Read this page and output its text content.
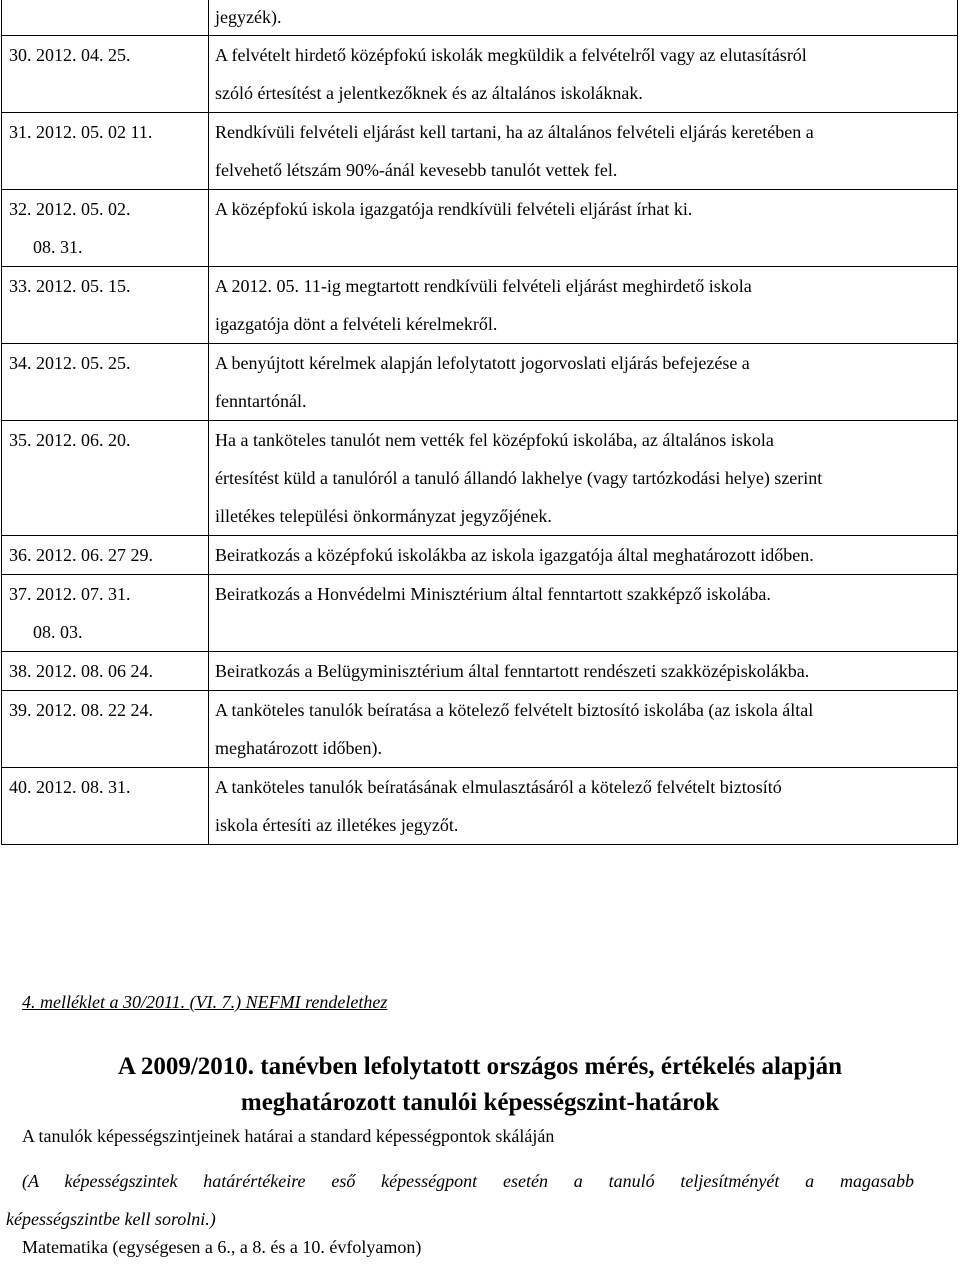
	jegyzék).

30. 2012. 04. 25.	A felvételt hirdető középfokú iskolák megküldik a felvételről vagy az elutasításról
szóló értesítést a jelentkezőknek és az általános iskoláknak.

31. 2012. 05. 02 11.	Rendkívüli felvételi eljárást kell tartani, ha az általános felvételi eljárás keretében a
felvehető létszám 90%-ánál kevesebb tanulót vettek fel.

32. 2012. 05. 02.
08. 31.	A középfokú iskola igazgatója rendkívüli felvételi eljárást írhat ki.

33. 2012. 05. 15.	A 2012. 05. 11-ig megtartott rendkívüli felvételi eljárást meghirdető iskola
igazgatója dönt a felvételi kérelmekről.

34. 2012. 05. 25.	A benyújtott kérelmek alapján lefolytatott jogorvoslati eljárás befejezése a
fenntartónál.

35. 2012. 06. 20.	Ha a tanköteles tanulót nem vették fel középfokú iskolába, az általános iskola
értesítést küld a tanulóról a tanuló állandó lakhelye (vagy tartózkodási helye) szerint
illetékes települési önkormányzat jegyzőjének.

36. 2012. 06. 27 29.	Beiratkozás a középfokú iskolákba az iskola igazgatója által meghatározott időben.

37. 2012. 07. 31.
08. 03.	Beiratkozás a Honvédelmi Minisztérium által fenntartott szakképző iskolába.

38. 2012. 08. 06 24.	Beiratkozás a Belügyminisztérium által fenntartott rendészeti szakközépiskolákba.

39. 2012. 08. 22 24.	A tanköteles tanulók beíratása a kötelező felvételt biztosító iskolába (az iskola által
meghatározott időben).

40. 2012. 08. 31.	A tanköteles tanulók beíratásának elmulasztásáról a kötelező felvételt biztosító
iskola értesíti az illetékes jegyzőt.
4. melléklet a 30/2011. (VI. 7.) NEFMI rendelethez
A 2009/2010. tanévben lefolytatott országos mérés, értékelés alapján
meghatározott tanulói képességszint-határok
A tanulók képességszintjeinek határai a standard képességpontok skáláján
(A képességszintek határértékeire eső képességpont esetén a tanuló teljesítményét a magasabb
képességszintbe kell sorolni.)
Matematika (egységesen a 6., a 8. és a 10. évfolyamon)
